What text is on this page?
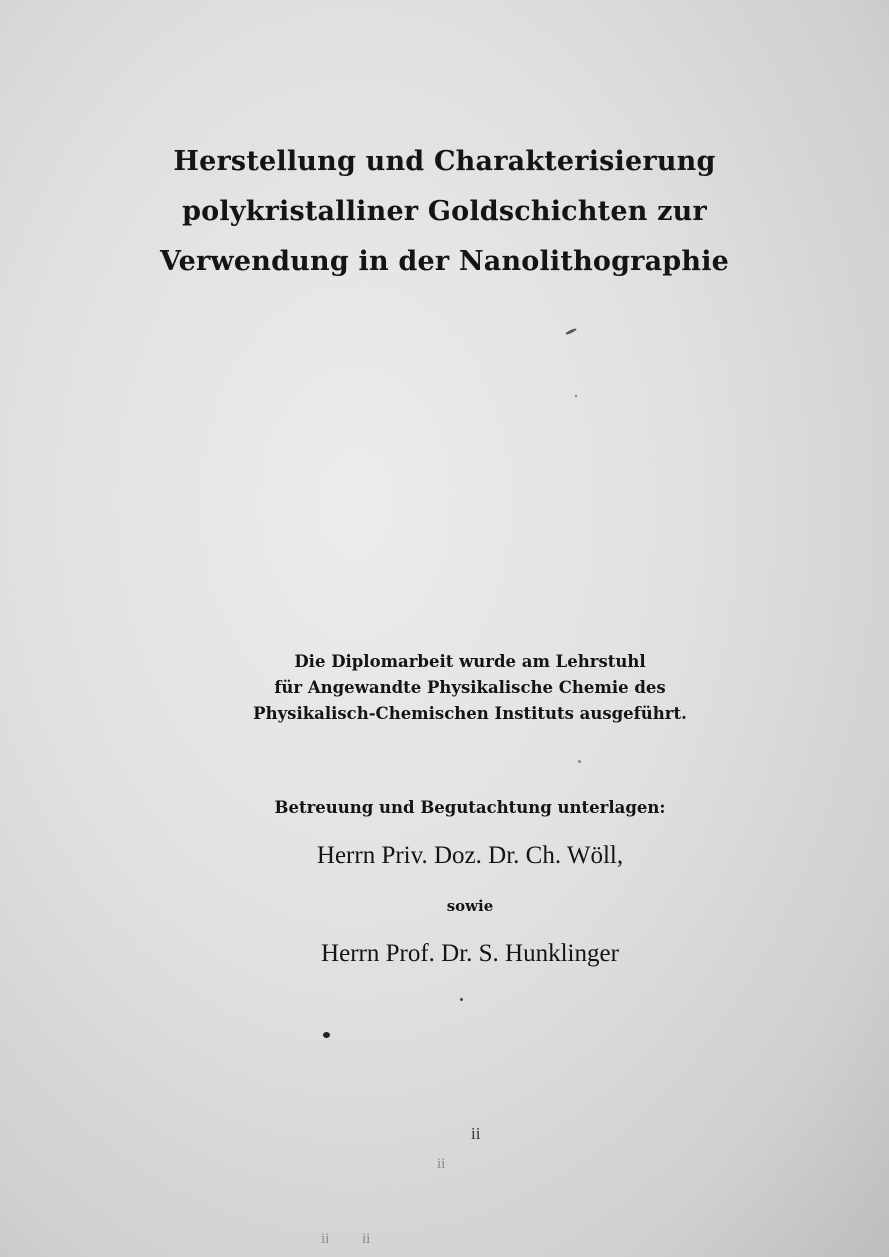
Herstellung und Charakterisierung
polykristalliner Goldschichten zur
Verwendung in der Nanolithographie
Die Diplomarbeit wurde am Lehrstuhl
für Angewandte Physikalische Chemie des
Physikalisch-Chemischen Instituts ausgeführt.
Betreuung und Begutachtung unterlagen:
Herrn Priv. Doz. Dr. Ch. Wöll,
sowie
Herrn Prof. Dr. S. Hunklinger
ii
ii
ii ii
